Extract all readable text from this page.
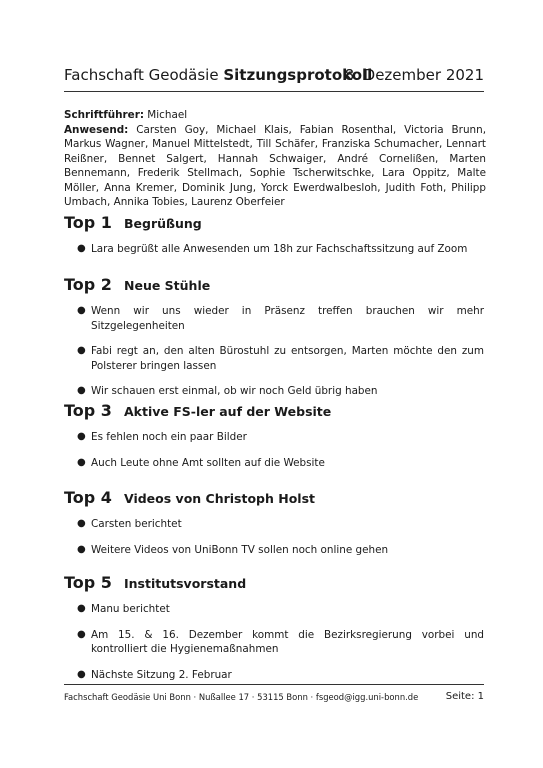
Fachschaft Geodäsie Sitzungsprotokoll
8. Dezember 2021

Schriftführer: Michael

Anwesend: Carsten Goy, Michael Klais, Fabian Rosenthal, Victoria Brunn, Markus Wagner, Manuel Mittelstedt, Till Schäfer, Franziska Schumacher, Lennart Reißner, Bennet Salgert, Hannah Schwaiger, André Cornelißen, Marten Bennemann, Frederik Stellmach, Sophie Tscherwitschke, Lara Oppitz, Malte Möller, Anna Kremer, Dominik Jung, Yorck Ewerdwalbesloh, Judith Foth, Philipp Umbach, Annika Tobies, Laurenz Oberfeier

Top 1 Begrüßung
● Lara begrüßt alle Anwesenden um 18h zur Fachschaftssitzung auf Zoom
Top 2 Neue Stühle
● Wenn wir uns wieder in Präsenz treffen brauchen wir mehr Sitzgelegenheiten
● Fabi regt an, den alten Bürostuhl zu entsorgen, Marten möchte den zum Polsterer bringen lassen
● Wir schauen erst einmal, ob wir noch Geld übrig haben
Top 3 Aktive FS-ler auf der Website
● Es fehlen noch ein paar Bilder
● Auch Leute ohne Amt sollten auf die Website
Top 4 Videos von Christoph Holst
● Carsten berichtet
● Weitere Videos von UniBonn TV sollen noch online gehen
Top 5 Institutsvorstand
● Manu berichtet
● Am 15. & 16. Dezember kommt die Bezirksregierung vorbei und kontrolliert die Hygienemaßnahmen
● Nächste Sitzung 2. Februar
Fachschaft Geodäsie Uni Bonn · Nußallee 17 · 53115 Bonn · fsgeod@igg.uni-bonn.de	Seite: 1
